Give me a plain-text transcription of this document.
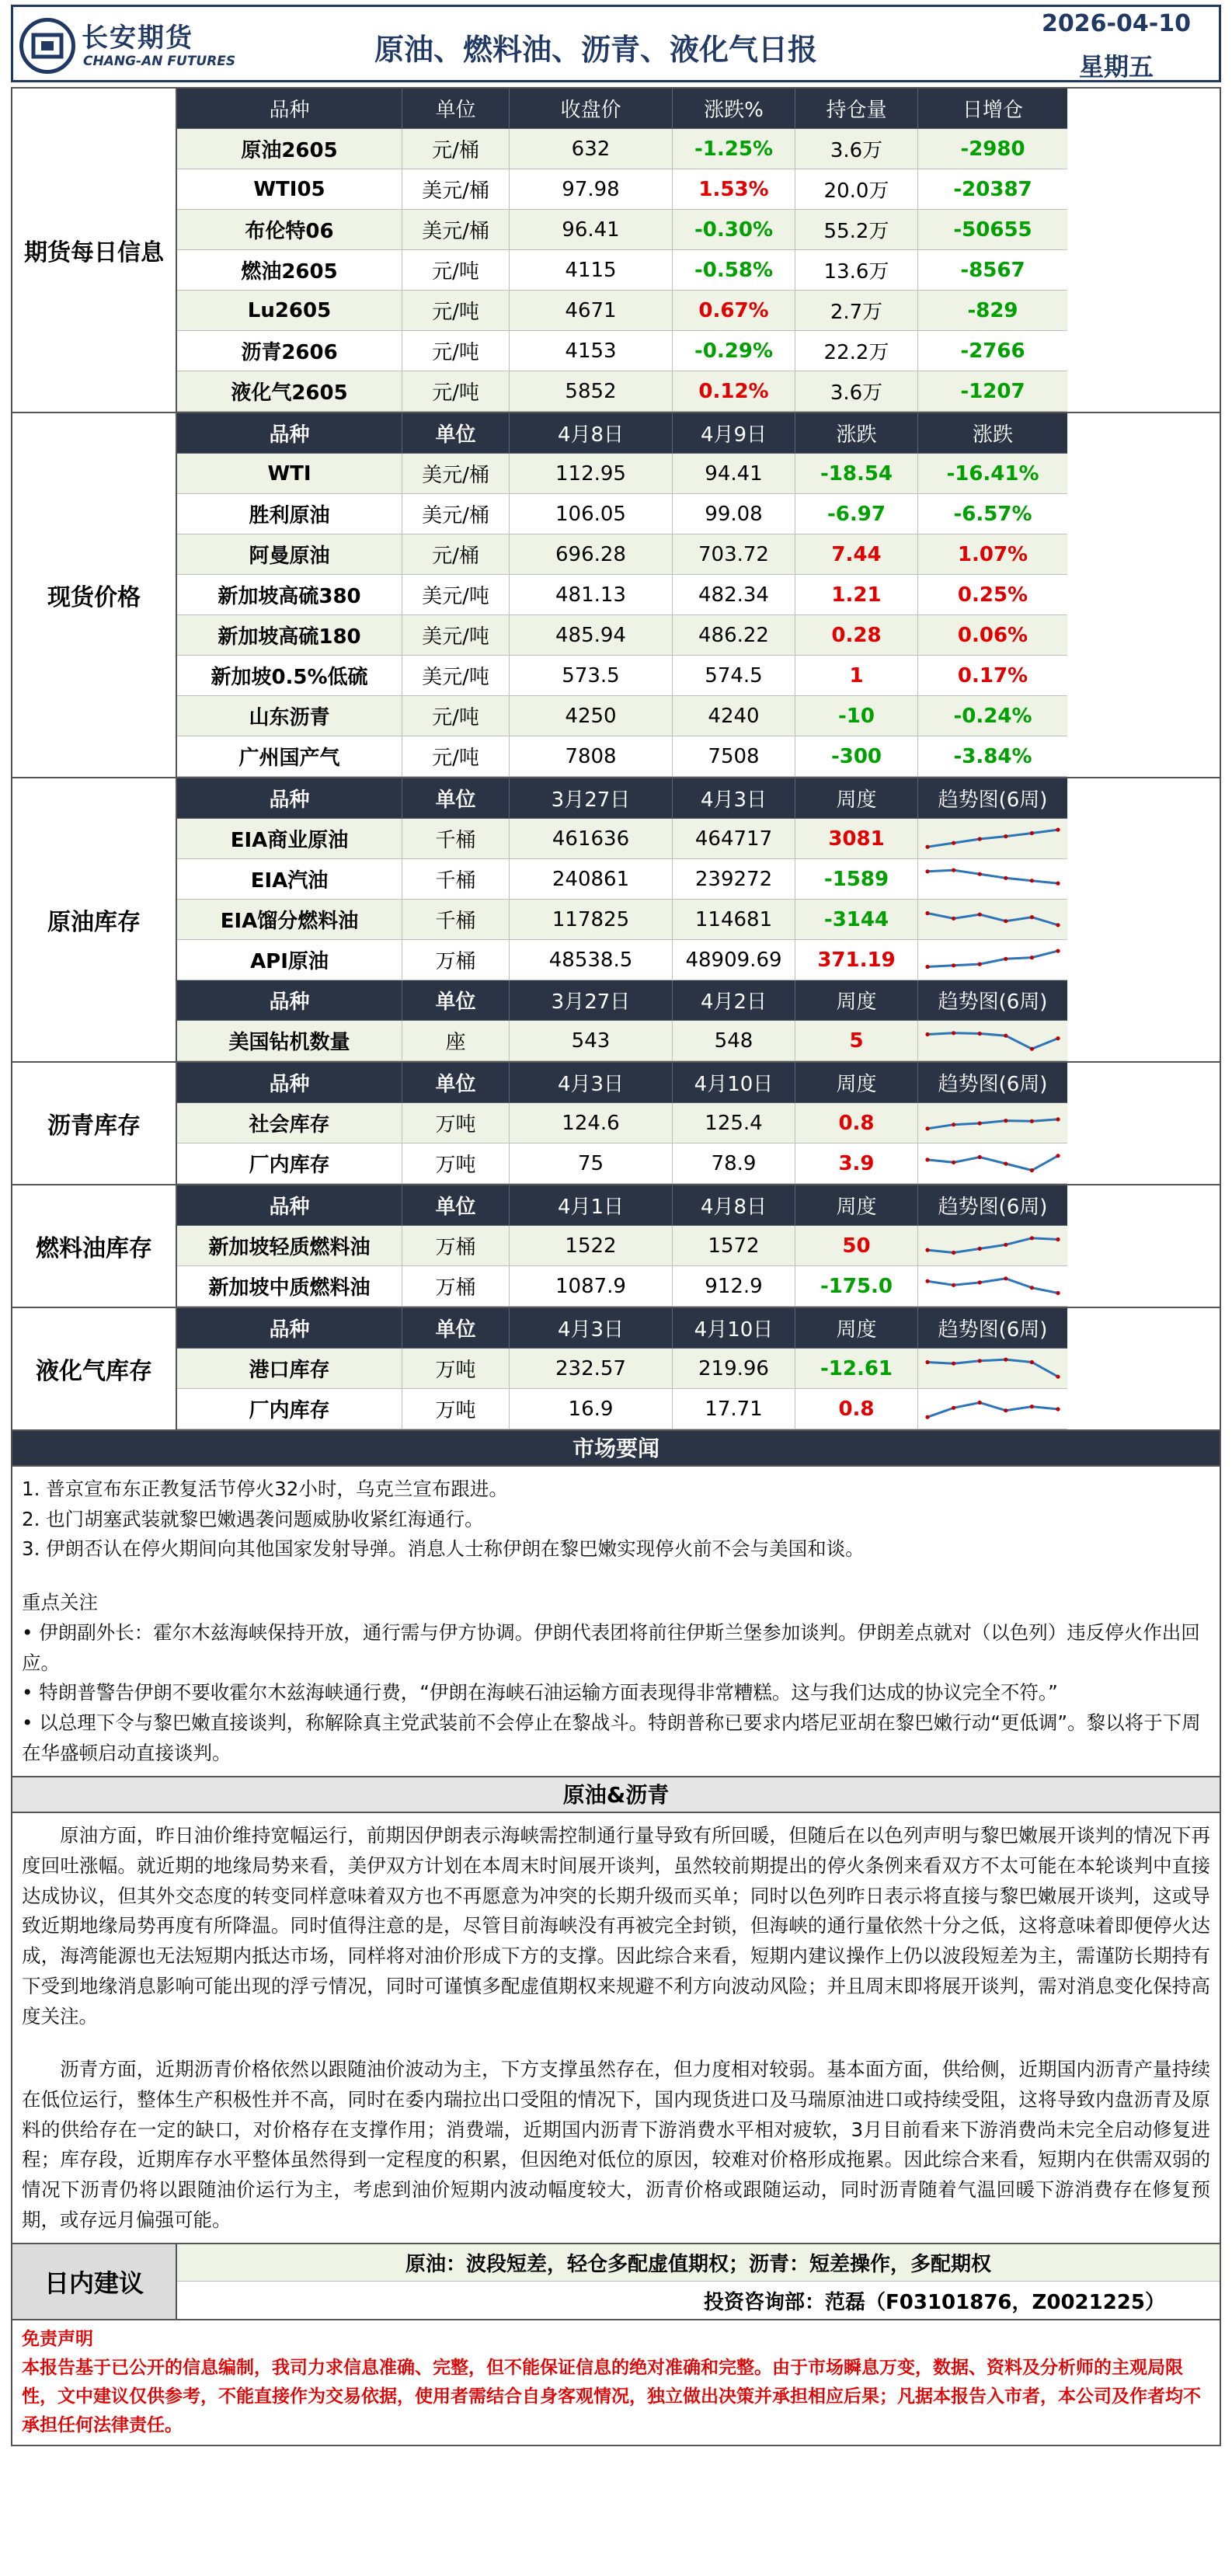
长安期货
CHANG-AN FUTURES	原油、燃料油、沥青、液化气日报
2026-04-10
星期五
期货每日信息
品种	单位	收盘价	涨跌%	持仓量	日增仓
原油2605	元/桶	632	-1.25%	3.6万	-2980
WTI05	美元/桶	97.98	1.53%	20.0万	-20387
布伦特06	美元/桶	96.41	-0.30%	55.2万	-50655
燃油2605	元/吨	4115	-0.58%	13.6万	-8567
Lu2605	元/吨	4671	0.67%	2.7万	-829
沥青2606	元/吨	4153	-0.29%	22.2万	-2766
液化气2605	元/吨	5852	0.12%	3.6万	-1207
现货价格
品种	单位	4月8日	4月9日	涨跌	涨跌
WTI	美元/桶	112.95	94.41	-18.54	-16.41%
胜利原油	美元/桶	106.05	99.08	-6.97	-6.57%
阿曼原油	元/桶	696.28	703.72	7.44	1.07%
新加坡高硫380	美元/吨	481.13	482.34	1.21	0.25%
新加坡高硫180	美元/吨	485.94	486.22	0.28	0.06%
新加坡0.5%低硫	美元/吨	573.5	574.5	1	0.17%
山东沥青	元/吨	4250	4240	-10	-0.24%
广州国产气	元/吨	7808	7508	-300	-3.84%
原油库存
品种	单位	3月27日	4月3日	周度	趋势图(6周)
EIA商业原油	千桶	461636	464717	3081
EIA汽油	千桶	240861	239272	-1589
EIA馏分燃料油	千桶	117825	114681	-3144
API原油	万桶	48538.5	48909.69	371.19
品种	单位	3月27日	4月2日	周度	趋势图(6周)
美国钻机数量	座	543	548	5
沥青库存
品种	单位	4月3日	4月10日	周度	趋势图(6周)
社会库存	万吨	124.6	125.4	0.8
厂内库存	万吨	75	78.9	3.9
燃料油库存
品种	单位	4月1日	4月8日	周度	趋势图(6周)
新加坡轻质燃料油	万桶	1522	1572	50
新加坡中质燃料油	万桶	1087.9	912.9	-175.0
液化气库存
品种	单位	4月3日	4月10日	周度	趋势图(6周)
港口库存	万吨	232.57	219.96	-12.61
厂内库存	万吨	16.9	17.71	0.8
市场要闻

1. 普京宣布东正教复活节停火32小时，乌克兰宣布跟进。

2. 也门胡塞武装就黎巴嫩遇袭问题威胁收紧红海通行。

3. 伊朗否认在停火期间向其他国家发射导弹。消息人士称伊朗在黎巴嫩实现停火前不会与美国和谈。

重点关注

• 伊朗副外长：霍尔木兹海峡保持开放，通行需与伊方协调。伊朗代表团将前往伊斯兰堡参加谈判。伊朗差点就对（以色列）违反停火作出回应。

• 特朗普警告伊朗不要收霍尔木兹海峡通行费，“伊朗在海峡石油运输方面表现得非常糟糕。这与我们达成的协议完全不符。”

• 以总理下令与黎巴嫩直接谈判，称解除真主党武装前不会停止在黎战斗。特朗普称已要求内塔尼亚胡在黎巴嫩行动“更低调”。黎以将于下周在华盛顿启动直接谈判。

原油&沥青

原油方面，昨日油价维持宽幅运行，前期因伊朗表示海峡需控制通行量导致有所回暖，但随后在以色列声明与黎巴嫩展开谈判的情况下再度回吐涨幅。就近期的地缘局势来看，美伊双方计划在本周末时间展开谈判，虽然较前期提出的停火条例来看双方不太可能在本轮谈判中直接达成协议，但其外交态度的转变同样意味着双方也不再愿意为冲突的长期升级而买单；同时以色列昨日表示将直接与黎巴嫩展开谈判，这或导致近期地缘局势再度有所降温。同时值得注意的是，尽管目前海峡没有再被完全封锁，但海峡的通行量依然十分之低，这将意味着即便停火达成，海湾能源也无法短期内抵达市场，同样将对油价形成下方的支撑。因此综合来看，短期内建议操作上仍以波段短差为主，需谨防长期持有下受到地缘消息影响可能出现的浮亏情况，同时可谨慎多配虚值期权来规避不利方向波动风险；并且周末即将展开谈判，需对消息变化保持高度关注。

沥青方面，近期沥青价格依然以跟随油价波动为主，下方支撑虽然存在，但力度相对较弱。基本面方面，供给侧，近期国内沥青产量持续在低位运行，整体生产积极性并不高，同时在委内瑞拉出口受阻的情况下，国内现货进口及马瑞原油进口或持续受阻，这将导致内盘沥青及原料的供给存在一定的缺口，对价格存在支撑作用；消费端，近期国内沥青下游消费水平相对疲软，3月目前看来下游消费尚未完全启动修复进程；库存段，近期库存水平整体虽然得到一定程度的积累，但因绝对低位的原因，较难对价格形成拖累。因此综合来看，短期内在供需双弱的情况下沥青仍将以跟随油价运行为主，考虑到油价短期内波动幅度较大，沥青价格或跟随运动，同时沥青随着气温回暖下游消费存在修复预期，或存远月偏强可能。

日内建议
原油：波段短差，轻仓多配虚值期权；沥青：短差操作，多配期权
投资咨询部：范磊（F03101876，Z0021225）
免责声明
本报告基于已公开的信息编制，我司力求信息准确、完整，但不能保证信息的绝对准确和完整。由于市场瞬息万变，数据、资料及分析师的主观局限性，文中建议仅供参考，不能直接作为交易依据，使用者需结合自身客观情况，独立做出决策并承担相应后果；凡据本报告入市者，本公司及作者均不承担任何法律责任。
